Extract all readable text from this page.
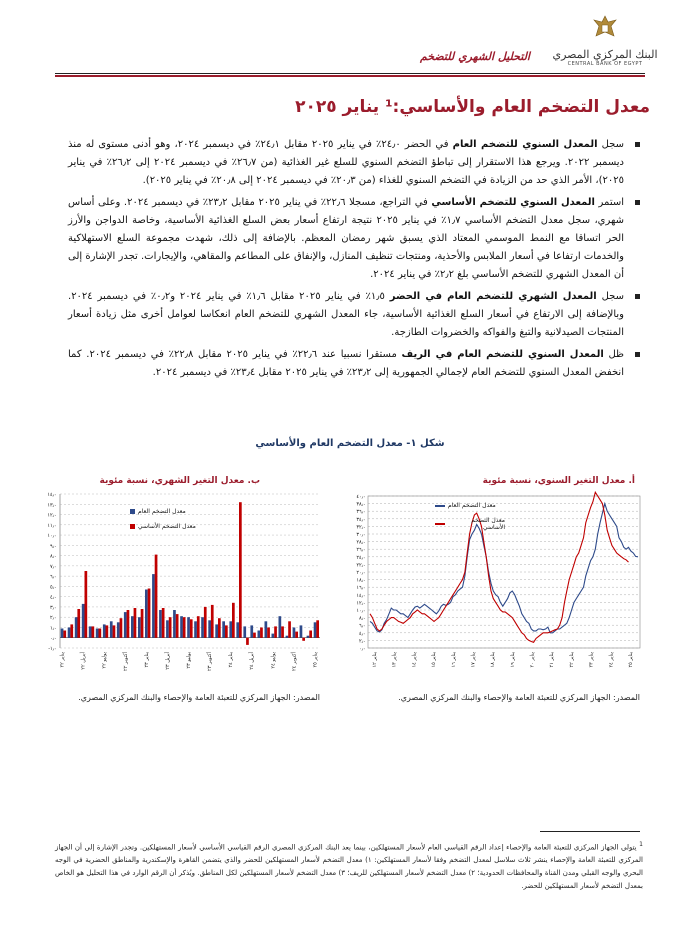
البنك المركزي المصري
CENTRAL BANK OF EGYPT
التحليل الشهري للتضخم
معدل التضخم العام والأساسي:¹ يناير ٢٠٢٥
سجل المعدل السنوي للتضخم العام في الحضر ٢٤٫٠٪ في يناير ٢٠٢٥ مقابل ٢٤٫١٪ في ديسمبر ٢٠٢٤، وهو أدنى مستوى له منذ ديسمبر ٢٠٢٢. ويرجع هذا الاستقرار إلى تباطؤ التضخم السنوي للسلع غير الغذائية (من ٢٦٫٧٪ في ديسمبر ٢٠٢٤ إلى ٢٦٫٢٪ في يناير ٢٠٢٥)، الأمر الذي حد من الزيادة في التضخم السنوي للغذاء (من ٢٠٫٣٪ في ديسمبر ٢٠٢٤ إلى ٢٠٫٨٪ في يناير ٢٠٢٥).
استمر المعدل السنوي للتضخم الأساسي في التراجع، مسجلا ٢٢٫٦٪ في يناير ٢٠٢٥ مقابل ٢٣٫٢٪ في ديسمبر ٢٠٢٤. وعلى أساس شهري، سجل معدل التضخم الأساسي ١٫٧٪ في يناير ٢٠٢٥ نتيجة ارتفاع أسعار بعض السلع الغذائية الأساسية، وخاصة الدواجن والأرز الحر اتساقا مع النمط الموسمي المعتاد الذي يسبق شهر رمضان المعظم. بالإضافة إلى ذلك، شهدت مجموعة السلع الاستهلاكية والخدمات ارتفاعا في أسعار الملابس والأحذية، ومنتجات تنظيف المنازل، والإنفاق على المطاعم والمقاهي، والإيجارات. تجدر الإشارة إلى أن المعدل الشهري للتضخم الأساسي بلغ ٢٫٢٪ في يناير ٢٠٢٤.
سجل المعدل الشهري للتضخم العام في الحضر ١٫٥٪ في يناير ٢٠٢٥ مقابل ١٫٦٪ في يناير ٢٠٢٤ و٠٫٢٪ في ديسمبر ٢٠٢٤. وبالإضافة إلى الارتفاع في أسعار السلع الغذائية الأساسية، جاء المعدل الشهري للتضخم العام انعكاسا لعوامل أخرى مثل زيادة أسعار المنتجات الصيدلانية والتبغ والفواكه والخضروات الطازجة.
ظل المعدل السنوي للتضخم العام في الريف مستقرا نسبيا عند ٢٢٫٦٪ في يناير ٢٠٢٥ مقابل ٢٢٫٨٪ في ديسمبر ٢٠٢٤. كما انخفض المعدل السنوي للتضخم العام لإجمالي الجمهورية إلى ٢٣٫٢٪ في يناير ٢٠٢٥ مقابل ٢٣٫٤٪ في ديسمبر ٢٠٢٤.
شكل ١- معدل التضخم العام والأساسي
أ. معدل التغير السنوي، نسبة مئوية
٠٫٠
٢٫٠
٤٫٠
٦٫٠
٨٫٠
١٠٫٠
١٢٫٠
١٤٫٠
١٦٫٠
١٨٫٠
٢٠٫٠
٢٢٫٠
٢٤٫٠
٢٦٫٠
٢٨٫٠
٣٠٫٠
٣٢٫٠
٣٤٫٠
٣٦٫٠
٣٨٫٠
٤٠٫٠
يناير ١٢
يناير ١٣
يناير ١٤
يناير ١٥
يناير ١٦
يناير ١٧
يناير ١٨
يناير ١٩
يناير ٢٠
يناير ٢١
يناير ٢٢
يناير ٢٣
يناير ٢٤
يناير ٢٥
معدل التضخم العام
معدل التضخم الأساسي
المصدر: الجهاز المركزي للتعبئة العامة والإحصاء والبنك المركزي المصري.
ب. معدل التغير الشهري، نسبة مئوية
-١٫٠
٠٫٠
١٫٠
٢٫٠
٣٫٠
٤٫٠
٥٫٠
٦٫٠
٧٫٠
٨٫٠
٩٫٠
١٠٫٠
١١٫٠
١٢٫٠
١٣٫٠
١٤٫٠
يناير ٢٢
أبريل ٢٢
يوليو ٢٢
أكتوبر ٢٢	يناير ٢٣
أبريل ٢٣
يوليو ٢٣
أكتوبر ٢٣	يناير ٢٤
أبريل ٢٤
يوليو ٢٤
أكتوبر ٢٤	يناير ٢٥
معدل التضخم العام
معدل التضخم الأساسي
المصدر: الجهاز المركزي للتعبئة العامة والإحصاء والبنك المركزي المصري.
$^1$ يتولى الجهاز المركزي للتعبئة العامة والإحصاء إعداد الرقم القياسي العام لأسعار المستهلكين، بينما يعد البنك المركزي المصري الرقم القياسي الأساسي لأسعار المستهلكين. وتجدر الإشارة إلى أن الجهاز المركزي للتعبئة العامة والإحصاء ينشر ثلاث سلاسل لمعدل التضخم وفقا لأسعار المستهلكين: ١) معدل التضخم لأسعار المستهلكين للحضر والذي يتضمن القاهرة والإسكندرية والمناطق الحضرية في الوجه البحري والوجه القبلي ومدن القناة والمحافظات الحدودية؛ ٢) معدل التضخم لأسعار المستهلكين للريف؛ ٣) معدل التضخم لأسعار المستهلكين لكل المناطق. ويُذكر أن الرقم الوارد في هذا التحليل هو الخاص بمعدل التضخم لأسعار المستهلكين للحضر.
